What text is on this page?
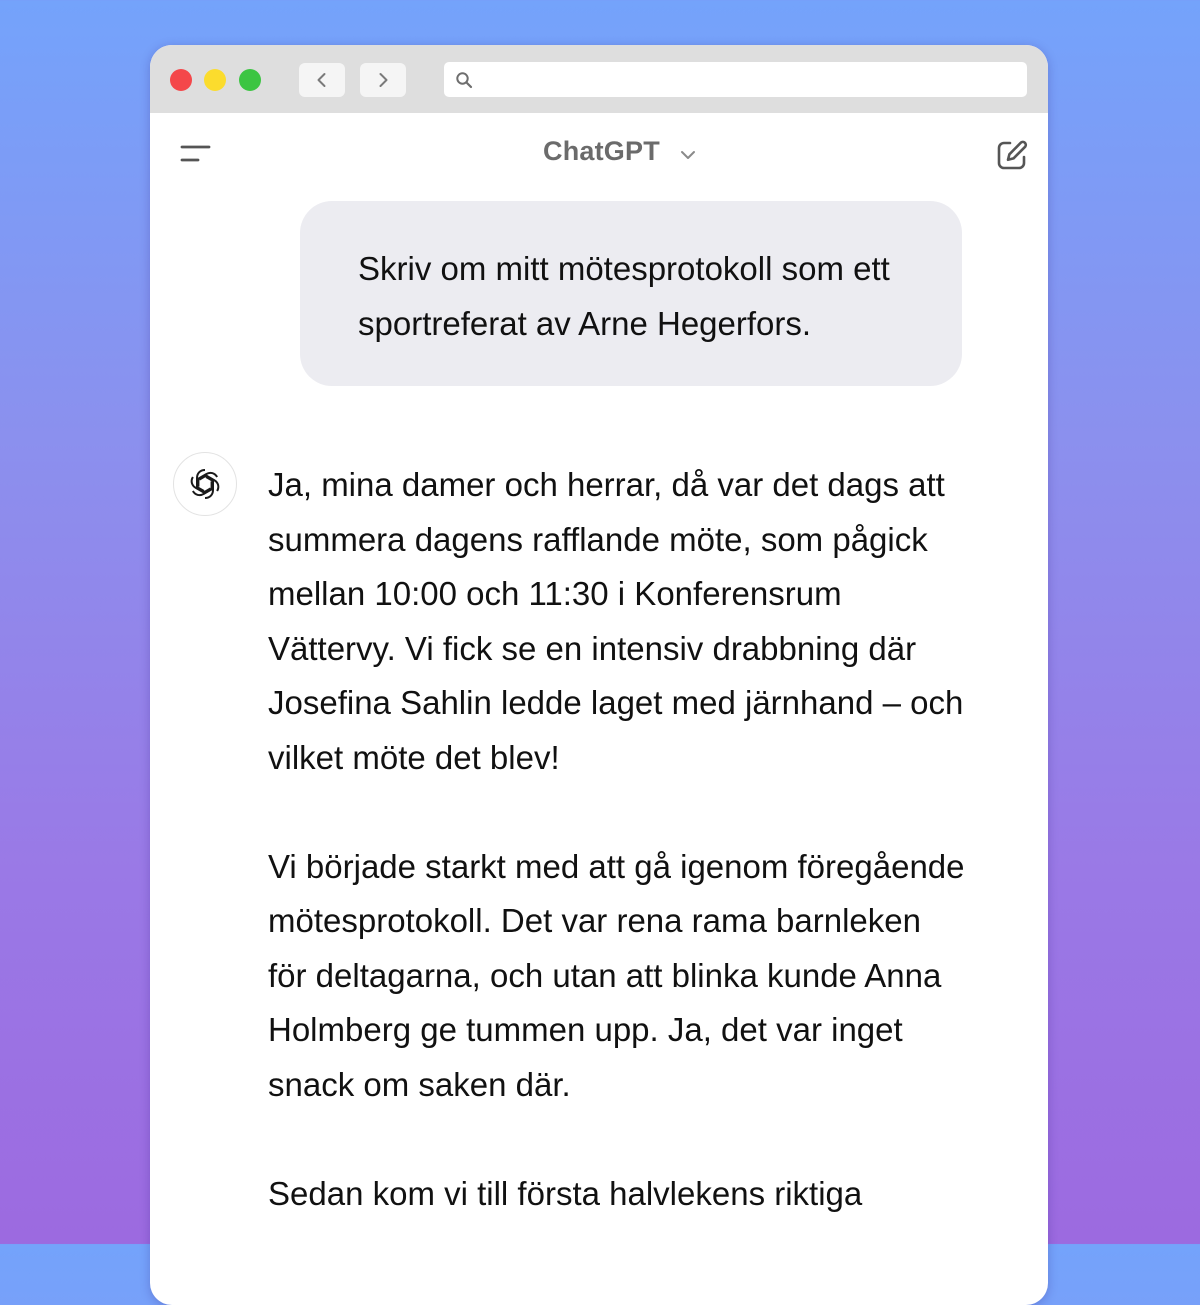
ChatGPT

Skriv om mitt mötesprotokoll som ett sportreferat av Arne Hegerfors.

Ja, mina damer och herrar, då var det dags att summera dagens rafflande möte, som pågick mellan 10:00 och 11:30 i Konferensrum Vättervy. Vi fick se en intensiv drabbning där Josefina Sahlin ledde laget med järnhand – och vilket möte det blev!

Vi började starkt med att gå igenom föregående mötesprotokoll. Det var rena rama barnleken för deltagarna, och utan att blinka kunde Anna Holmberg ge tummen upp. Ja, det var inget snack om saken där.

Sedan kom vi till första halvlekens riktiga
